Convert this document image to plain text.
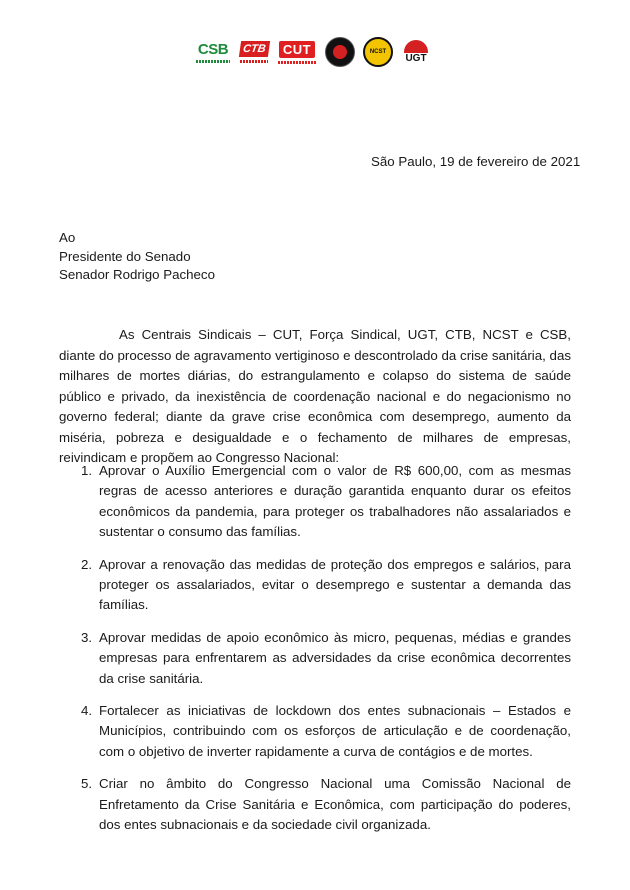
CSB CTB	CUT	NCST
UGT
São Paulo, 19 de fevereiro de 2021
Ao
Presidente do Senado
Senador Rodrigo Pacheco

As Centrais Sindicais – CUT, Força Sindical, UGT, CTB, NCST e CSB, diante do processo de agravamento vertiginoso e descontrolado da crise sanitária, das milhares de mortes diárias, do estrangulamento e colapso do sistema de saúde público e privado, da inexistência de coordenação nacional e do negacionismo no governo federal; diante da grave crise econômica com desemprego, aumento da miséria, pobreza e desigualdade e o fechamento de milhares de empresas, reivindicam e propõem ao Congresso Nacional:

1. Aprovar o Auxílio Emergencial com o valor de R$ 600,00, com as mesmas regras de acesso anteriores e duração garantida enquanto durar os efeitos econômicos da pandemia, para proteger os trabalhadores não assalariados e sustentar o consumo das famílias.
2. Aprovar a renovação das medidas de proteção dos empregos e salários, para proteger os assalariados, evitar o desemprego e sustentar a demanda das famílias.
3. Aprovar medidas de apoio econômico às micro, pequenas, médias e grandes empresas para enfrentarem as adversidades da crise econômica decorrentes da crise sanitária.
4. Fortalecer as iniciativas de lockdown dos entes subnacionais – Estados e Municípios, contribuindo com os esforços de articulação e de coordenação, com o objetivo de inverter rapidamente a curva de contágios e de mortes.
5. Criar no âmbito do Congresso Nacional uma Comissão Nacional de Enfretamento da Crise Sanitária e Econômica, com participação do poderes, dos entes subnacionais e da sociedade civil organizada.
